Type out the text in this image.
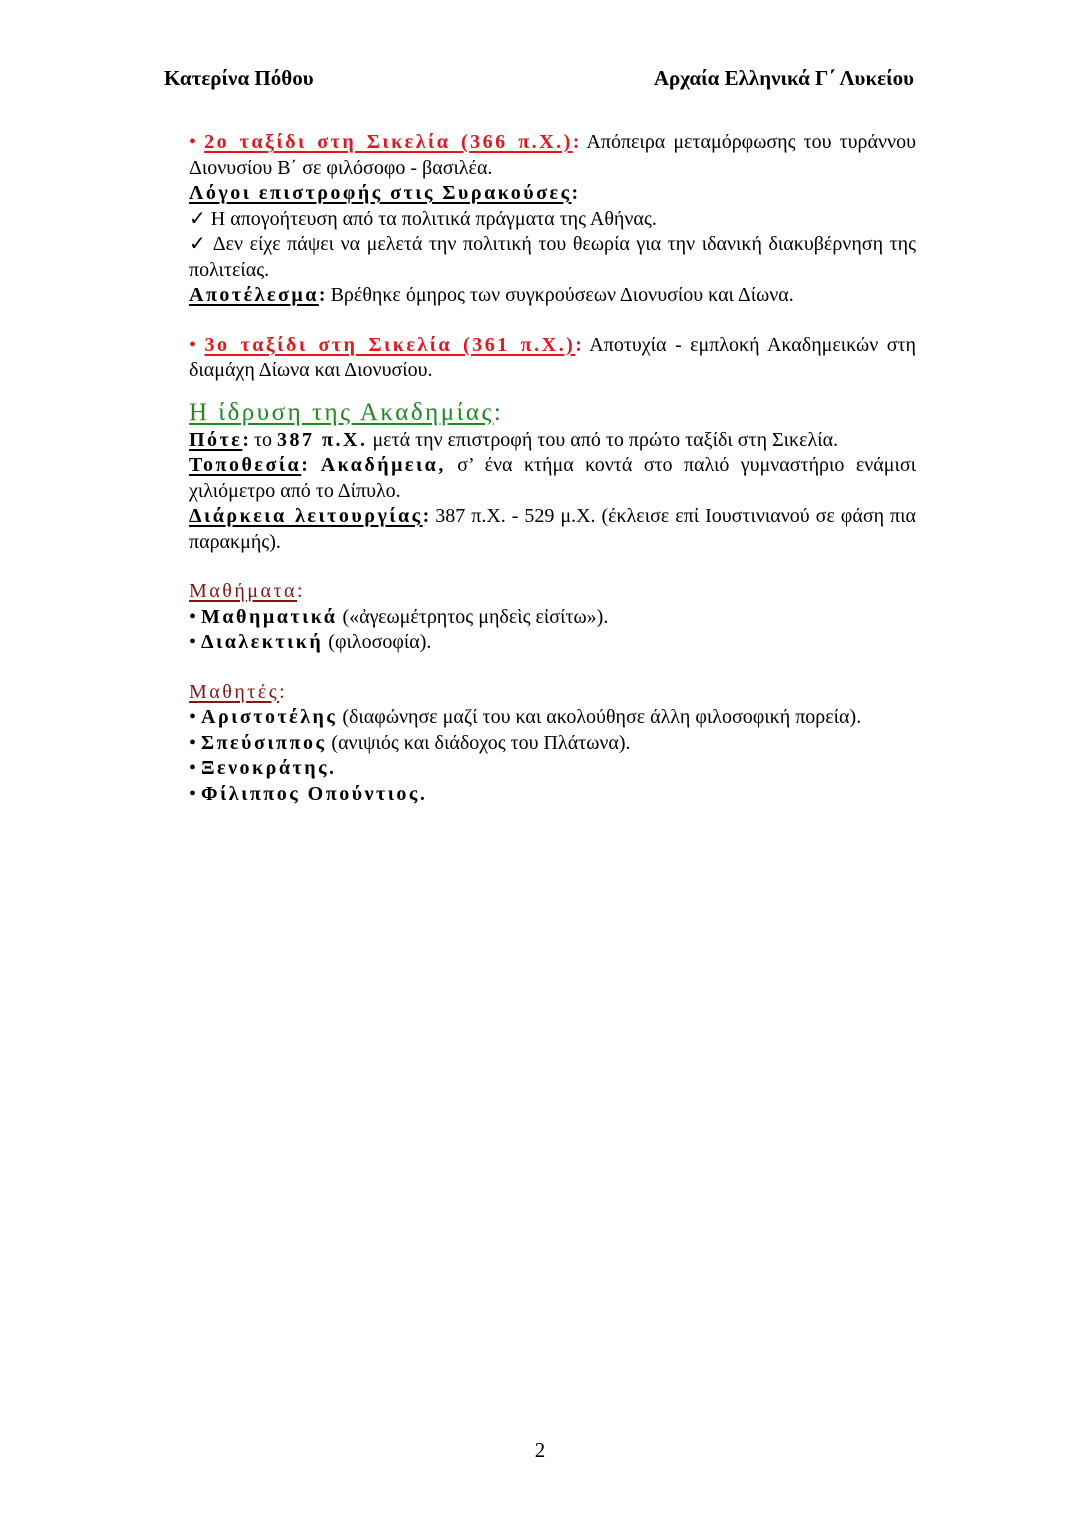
Κατερίνα Πόθου	Αρχαία Ελληνικά Γ΄ Λυκείου

• 2ο ταξίδι στη Σικελία (366 π.Χ.): Απόπειρα μεταμόρφωσης του τυράννου Διονυσίου Β΄ σε φιλόσοφο - βασιλέα.

Λόγοι επιστροφής στις Συρακούσες:

✓ Η απογοήτευση από τα πολιτικά πράγματα της Αθήνας.

✓ Δεν είχε πάψει να μελετά την πολιτική του θεωρία για την ιδανική διακυβέρνηση της πολιτείας.

Αποτέλεσμα: Βρέθηκε όμηρος των συγκρούσεων Διονυσίου και Δίωνα.

• 3ο ταξίδι στη Σικελία (361 π.Χ.): Αποτυχία - εμπλοκή Ακαδημεικών στη διαμάχη Δίωνα και Διονυσίου.

Η ίδρυση της Ακαδημίας:

Πότε: το 387 π.Χ. μετά την επιστροφή του από το πρώτο ταξίδι στη Σικελία.

Τοποθεσία: Ακαδήμεια, σ’ ένα κτήμα κοντά στο παλιό γυμναστήριο ενάμισι χιλιόμετρο από το Δίπυλο.

Διάρκεια λειτουργίας: 387 π.Χ. - 529 μ.Χ. (έκλεισε επί Ιουστινιανού σε φάση πια παρακμής).

Μαθήματα:

• Μαθηματικά («ἀγεωμέτρητος μηδεὶς εἰσίτω»).

• Διαλεκτική (φιλοσοφία).

Μαθητές:

• Αριστοτέλης (διαφώνησε μαζί του και ακολούθησε άλλη φιλοσοφική πορεία).

• Σπεύσιππος (ανιψιός και διάδοχος του Πλάτωνα).

• Ξενοκράτης.

• Φίλιππος Οπούντιος.

2
